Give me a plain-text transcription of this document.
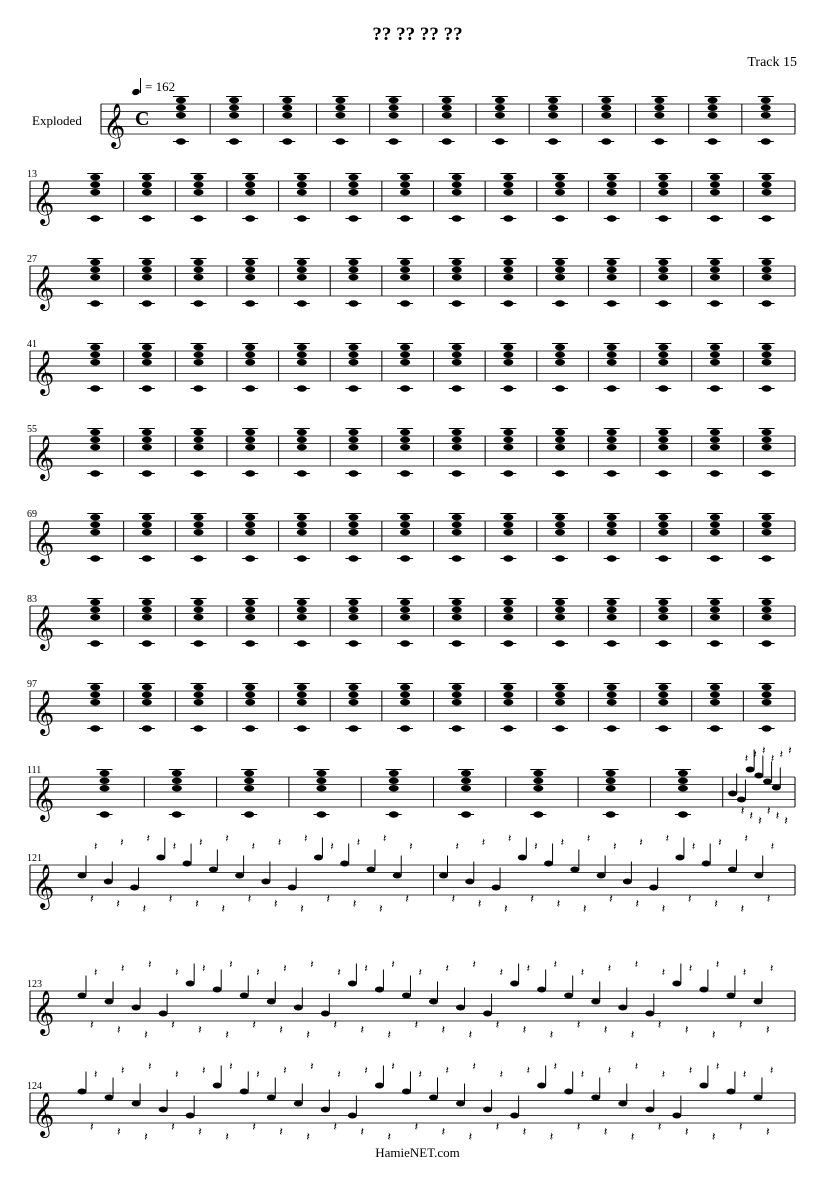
?? ?? ?? ??
Track 15
= 162
Exploded 𝄞 C
𝄞
13
𝄞
27
𝄞
41
𝄞
55
𝄞
69
𝄞
83
𝄞
97
𝄞
111
𝄽
𝄽
𝄽
𝄽
𝄽
𝄽
𝄽
𝄽
𝄽
𝄽
𝄽
𝄽
𝄞
121
𝄽
𝄽
𝄽
𝄽
𝄽
𝄽
𝄽
𝄽
𝄽
𝄽
𝄽
𝄽
𝄽
𝄽
𝄽
𝄽
𝄽
𝄽
𝄽
𝄽
𝄽
𝄽
𝄽
𝄽
𝄽
𝄽
𝄽
𝄽
𝄽
𝄽
𝄽
𝄽
𝄽
𝄽
𝄽
𝄽
𝄽
𝄽
𝄽
𝄽
𝄽
𝄽
𝄽
𝄽
𝄽
𝄽
𝄽
𝄽
𝄽
𝄽
𝄽
𝄽
𝄞
123
𝄽
𝄽
𝄽
𝄽
𝄽
𝄽
𝄽
𝄽
𝄽
𝄽
𝄽
𝄽
𝄽
𝄽
𝄽
𝄽
𝄽
𝄽
𝄽
𝄽
𝄽
𝄽
𝄽
𝄽
𝄽
𝄽
𝄽
𝄽
𝄽
𝄽
𝄽
𝄽
𝄽
𝄽
𝄽
𝄽
𝄽
𝄽
𝄽
𝄽
𝄽
𝄽
𝄽
𝄽
𝄽
𝄽
𝄽
𝄽
𝄽
𝄽
𝄽
𝄽
𝄞
124
𝄽
𝄽
𝄽
𝄽
𝄽
𝄽
𝄽
𝄽
𝄽
𝄽
𝄽
𝄽
𝄽
𝄽
𝄽
𝄽
𝄽
𝄽
𝄽
𝄽
𝄽
𝄽
𝄽
𝄽
𝄽
𝄽
𝄽
𝄽
𝄽
𝄽
𝄽
𝄽
𝄽
𝄽
𝄽
𝄽
𝄽
𝄽
𝄽
𝄽
𝄽
𝄽
𝄽
𝄽
𝄽
𝄽
𝄽
𝄽
𝄽
𝄽
𝄽
𝄽
HamieNET.com
